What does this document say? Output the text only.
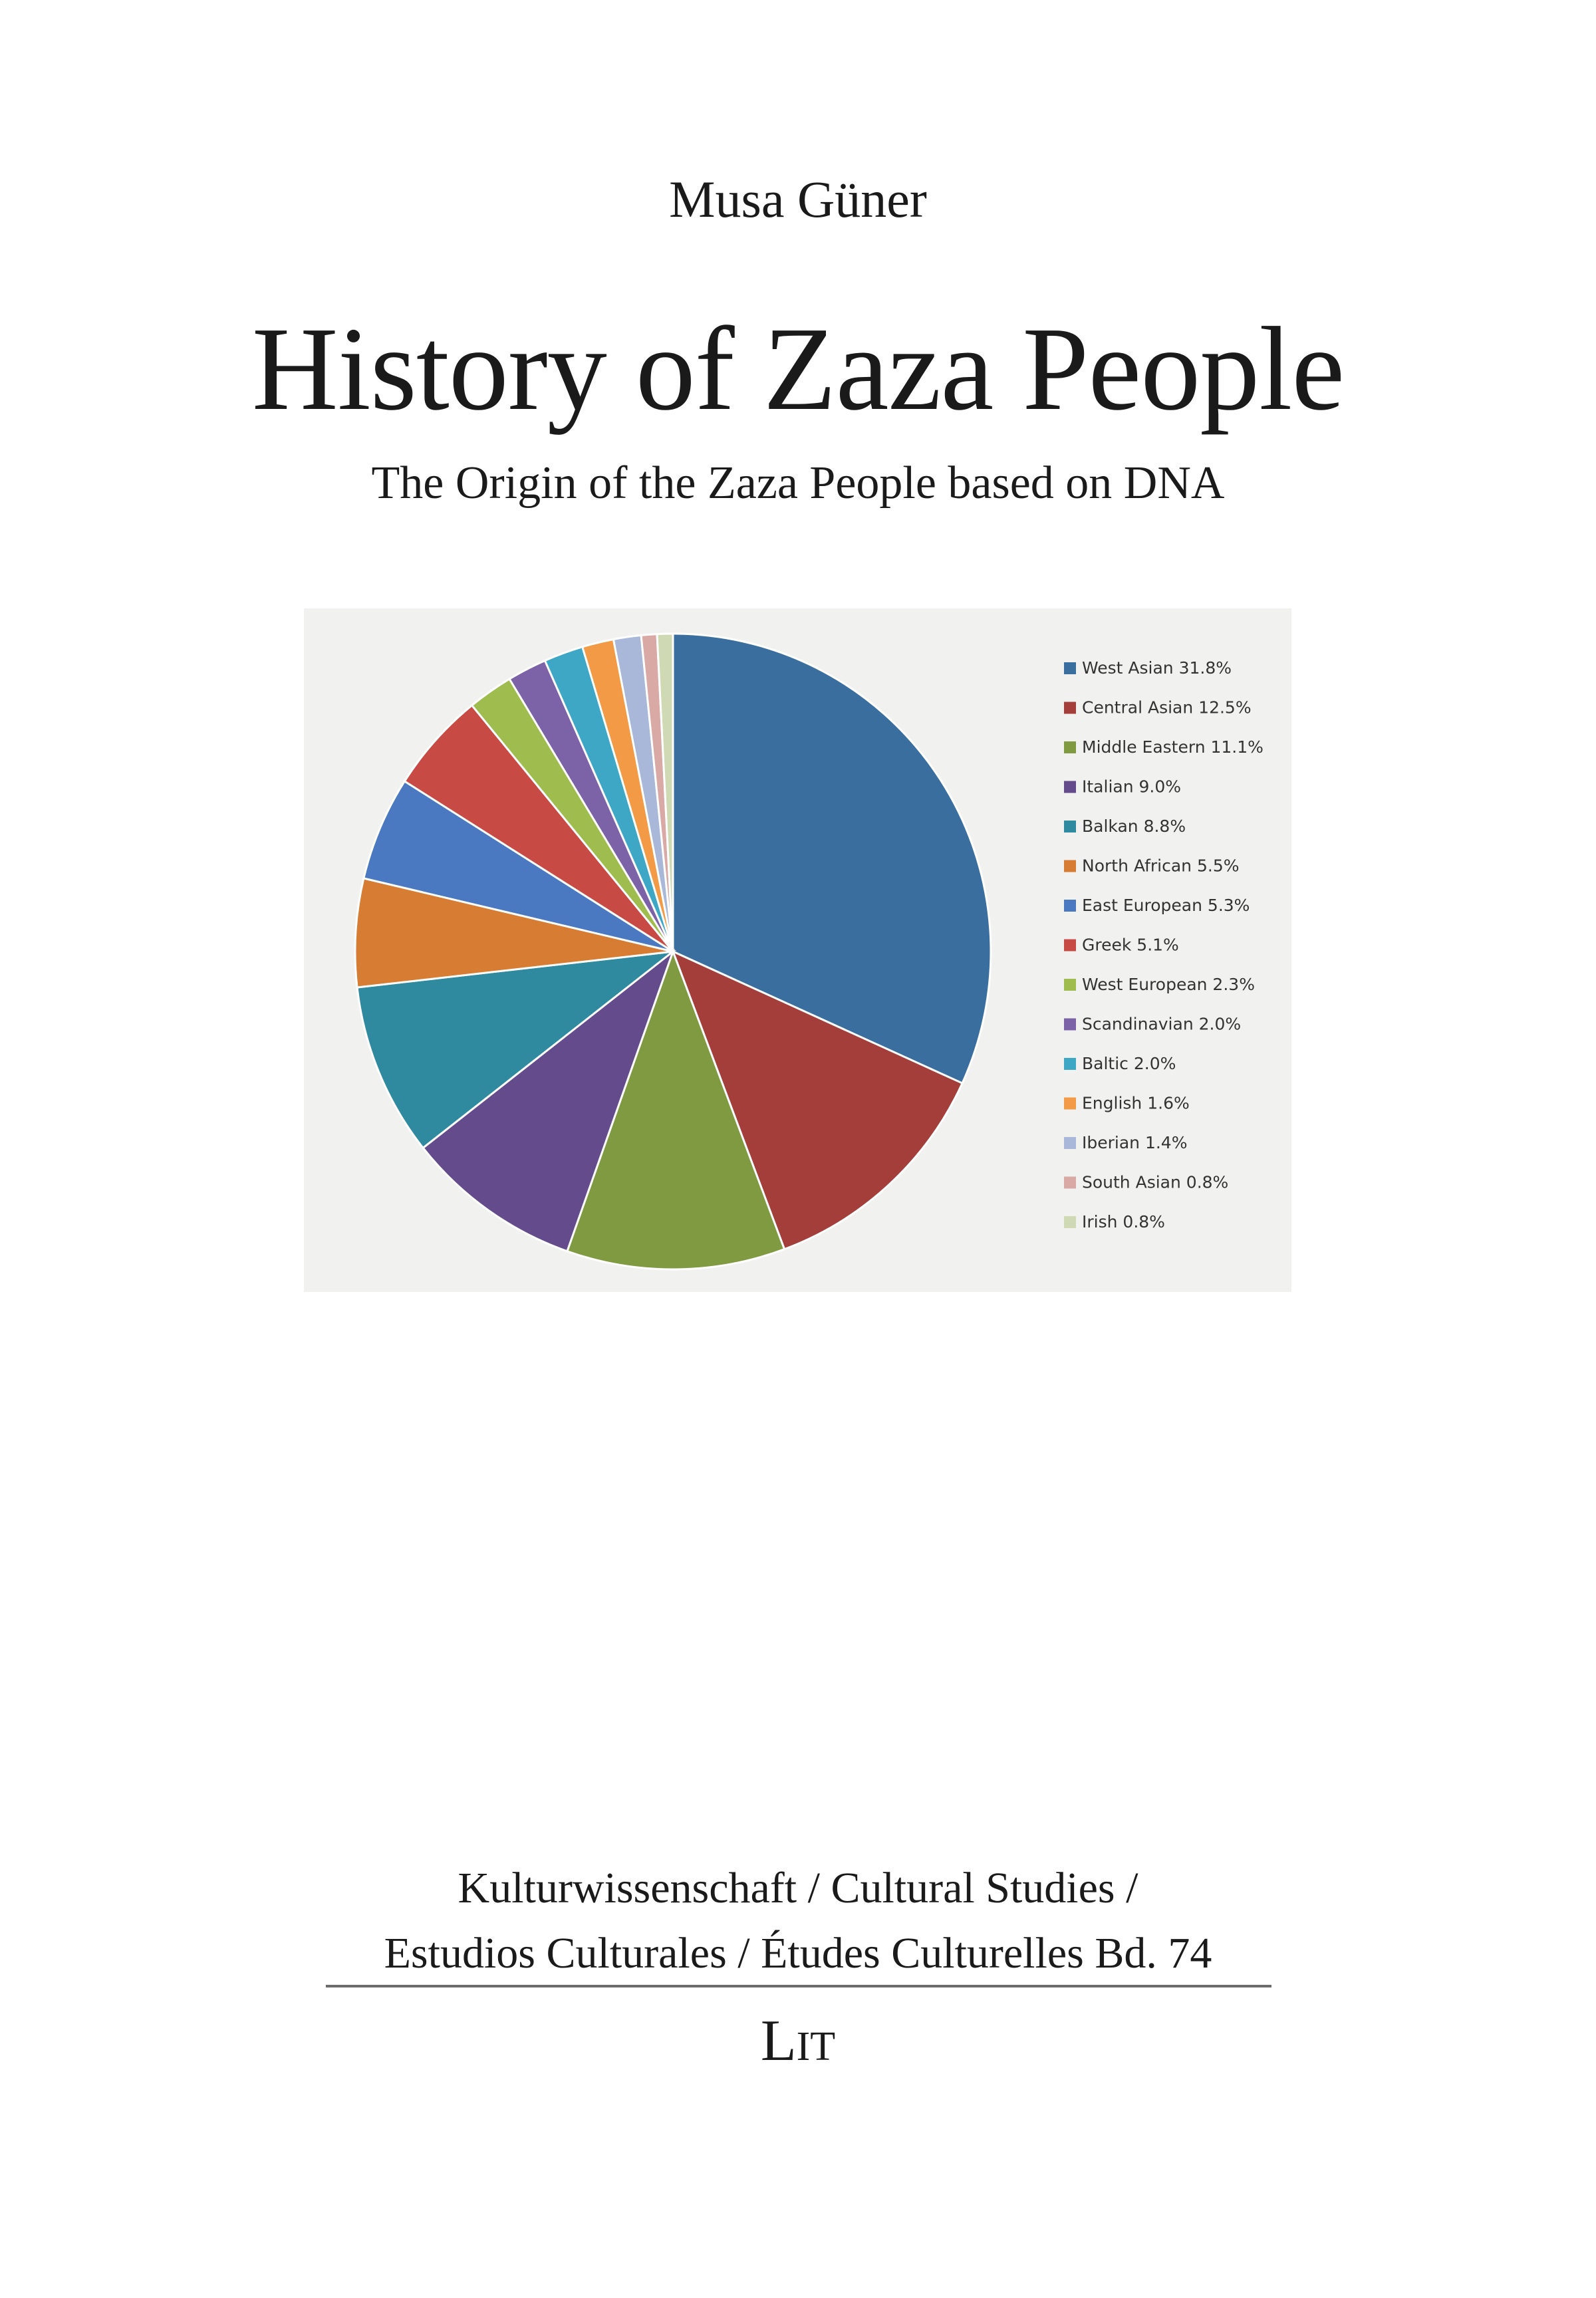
Musa Güner
History of Zaza People
The Origin of the Zaza People based on DNA
West Asian 31.8%
Central Asian 12.5%
Middle Eastern 11.1%
Italian 9.0%
Balkan 8.8%
North African 5.5%
East European 5.3%
Greek 5.1%
West European 2.3%
Scandinavian 2.0%
Baltic 2.0%
English 1.6%
Iberian 1.4%
South Asian 0.8%
Irish 0.8%
Kulturwissenschaft / Cultural Studies /
Estudios Culturales / Études Culturelles Bd. 74
Lit
